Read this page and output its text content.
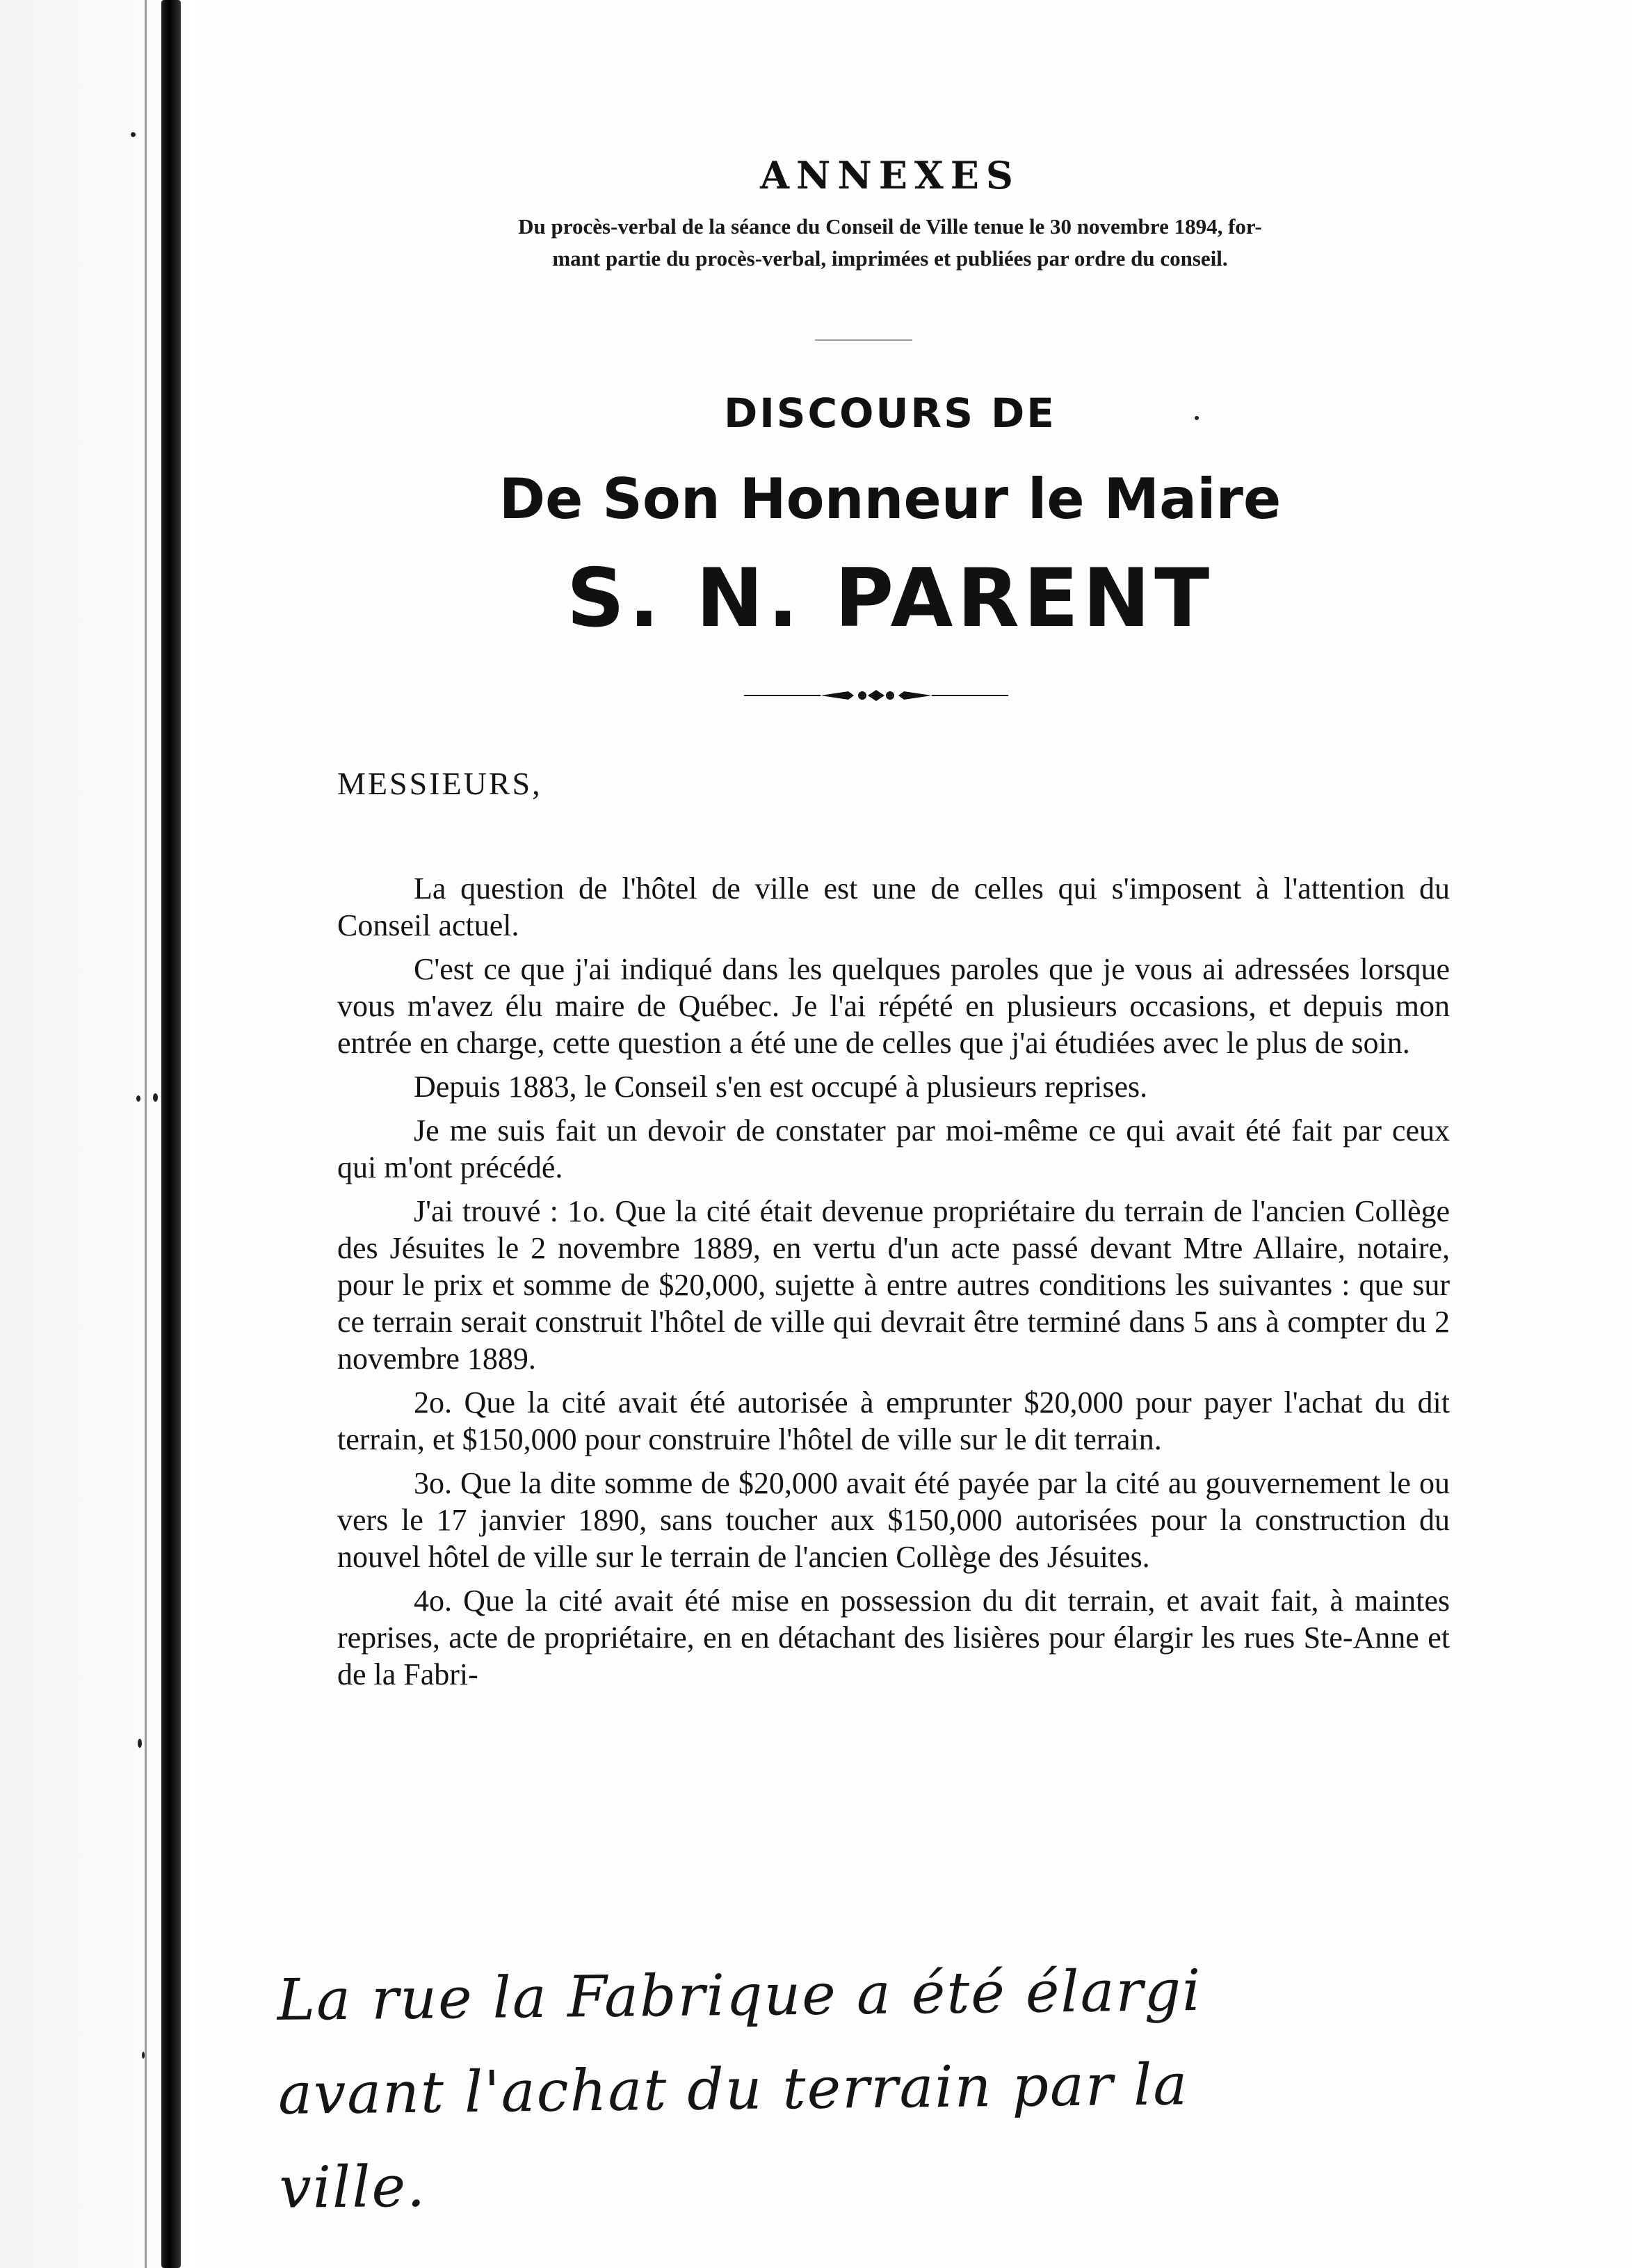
ANNEXES

Du procès-verbal de la séance du Conseil de Ville tenue le 30 novembre 1894, for-
mant partie du procès-verbal, imprimées et publiées par ordre du conseil.

DISCOURS DE

De Son Honneur le Maire

S. N. PARENT

MESSIEURS,

La question de l'hôtel de ville est une de celles qui s'imposent à l'attention du Conseil actuel.

C'est ce que j'ai indiqué dans les quelques paroles que je vous ai adressées lorsque vous m'avez élu maire de Québec. Je l'ai répété en plusieurs occasions, et depuis mon entrée en charge, cette question a été une de celles que j'ai étudiées avec le plus de soin.

Depuis 1883, le Conseil s'en est occupé à plusieurs reprises.

Je me suis fait un devoir de constater par moi-même ce qui avait été fait par ceux qui m'ont précédé.

J'ai trouvé : 1o. Que la cité était devenue propriétaire du terrain de l'ancien Collège des Jésuites le 2 novembre 1889, en vertu d'un acte passé devant Mtre Allaire, notaire, pour le prix et somme de $20,000, sujette à entre autres conditions les suivantes : que sur ce terrain serait construit l'hôtel de ville qui devrait être terminé dans 5 ans à compter du 2 novembre 1889.

2o. Que la cité avait été autorisée à emprunter $20,000 pour payer l'achat du dit terrain, et $150,000 pour construire l'hôtel de ville sur le dit terrain.

3o. Que la dite somme de $20,000 avait été payée par la cité au gouvernement le ou vers le 17 janvier 1890, sans toucher aux $150,000 autorisées pour la construction du nouvel hôtel de ville sur le terrain de l'ancien Collège des Jésuites.

4o. Que la cité avait été mise en possession du dit terrain, et avait fait, à maintes reprises, acte de propriétaire, en en détachant des lisières pour élargir les rues Ste-Anne et de la Fabri-

La rue la Fabrique a été élargi

avant l'achat du terrain par la

ville.
